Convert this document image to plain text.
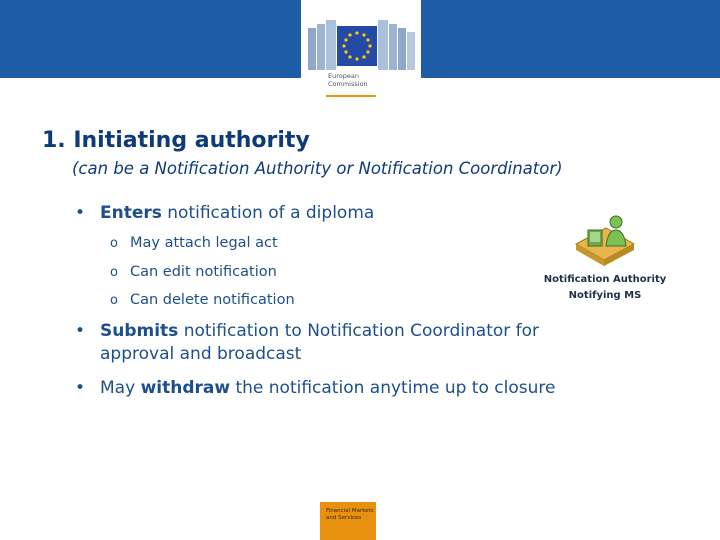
European
Commission
1. Initiating authority

(can be a Notification Authority or Notification Coordinator)

• Enters notification of a diploma
o May attach legal act
o Can edit notification
o Can delete notification
• Submits notification to Notification Coordinator for
approval and broadcast
• May withdraw the notification anytime up to closure
Notification Authority
Notifying MS
Financial Markets
and Services
